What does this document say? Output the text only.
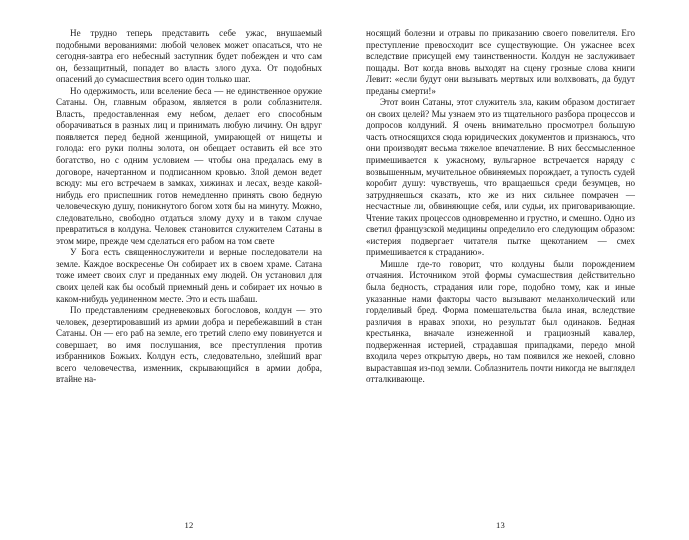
Не трудно теперь представить себе ужас, внушаемый подобными верованиями: любой человек может опасаться, что не сегодня-завтра его небесный заступник будет побежден и что сам он, беззащитный, попадет во власть злого духа. От подобных опасений до сумасшествия всего один только шаг.

Но одержимость, или вселение беса — не единственное оружие Сатаны. Он, главным образом, является в роли соблазнителя. Власть, предоставленная ему небом, делает его способным оборачиваться в разных лиц и принимать любую личину. Он вдруг появляется перед бедной женщиной, умирающей от нищеты и голода: его руки полны золота, он обещает оставить ей все это богатство, но с одним условием — чтобы она предалась ему в договоре, начертанном и подписанном кровью. Злой демон ведет всюду: мы его встречаем в замках, хижинах и лесах, везде какой-нибудь его приспешник готов немедленно принять свою бедную человеческую душу, поникнутого богом хотя бы на минуту. Можно, следовательно, свободно отдаться злому духу и в таком случае превратиться в колдуна. Человек становится служителем Сатаны в этом мире, прежде чем сделаться его рабом на том свете

У Бога есть священнослужители и верные последователи на земле. Каждое воскресенье Он собирает их в своем храме. Сатана тоже имеет своих слуг и преданных ему людей. Он установил для своих целей как бы особый приемный день и собирает их ночью в каком-нибудь уединенном месте. Это и есть шабаш.

По представлениям средневековых богословов, колдун — это человек, дезертировавший из армии добра и перебежавший в стан Сатаны. Он — его раб на земле, его третий слепо ему повинуется и совершает, во имя послушания, все преступления против избранников Божьих. Колдун есть, следовательно, злейший враг всего человечества, изменник, скрывающийся в армии добра, втайне на-

12

носящий болезни и отравы по приказанию своего повелителя. Его преступление превосходит все существующие. Он ужаснее всех вследствие присущей ему таинственности. Колдун не заслуживает пощады. Вот когда вновь выходят на сцену грозные слова книги Левит: «если будут они вызывать мертвых или волхвовать, да будут преданы смерти!»

Этот воин Сатаны, этот служитель зла, каким образом достигает он своих целей? Мы узнаем это из тщательного разбора процессов и допросов колдуний. Я очень внимательно просмотрел большую часть относящихся сюда юридических документов и признаюсь, что они производят весьма тяжелое впечатление. В них бессмысленное примешивается к ужасному, вульгарное встречается наряду с возвышенным, мучительное обвиняемых порождает, а тупость судей коробит душу: чувствуешь, что вращаешься среди безумцев, но затрудняешься сказать, кто же из них сильнее помрачен — несчастные ли, обвиняющие себя, или судьи, их приговаривающие. Чтение таких процессов одновременно и грустно, и смешно. Одно из светил французской медицины определило его следующим образом: «истерия подвергает читателя пытке щекотанием — смех примешивается к страданию».

Мишле где-то говорит, что колдуны были порождением отчаяния. Источником этой формы сумасшествия действительно была бедность, страдания или горе, подобно тому, как и иные указанные нами факторы часто вызывают меланхолический или горделивый бред. Форма помешательства была иная, вследствие различия в нравах эпохи, но результат был одинаков. Бедная крестьянка, вначале изнеженной и грациозный кавалер, подверженная истерией, страдавшая припадками, передо мной входила через открытую дверь, но там появился же некоей, словно выраставшая из-под земли. Соблазнитель почти никогда не выглядел отталкивающе.

13
